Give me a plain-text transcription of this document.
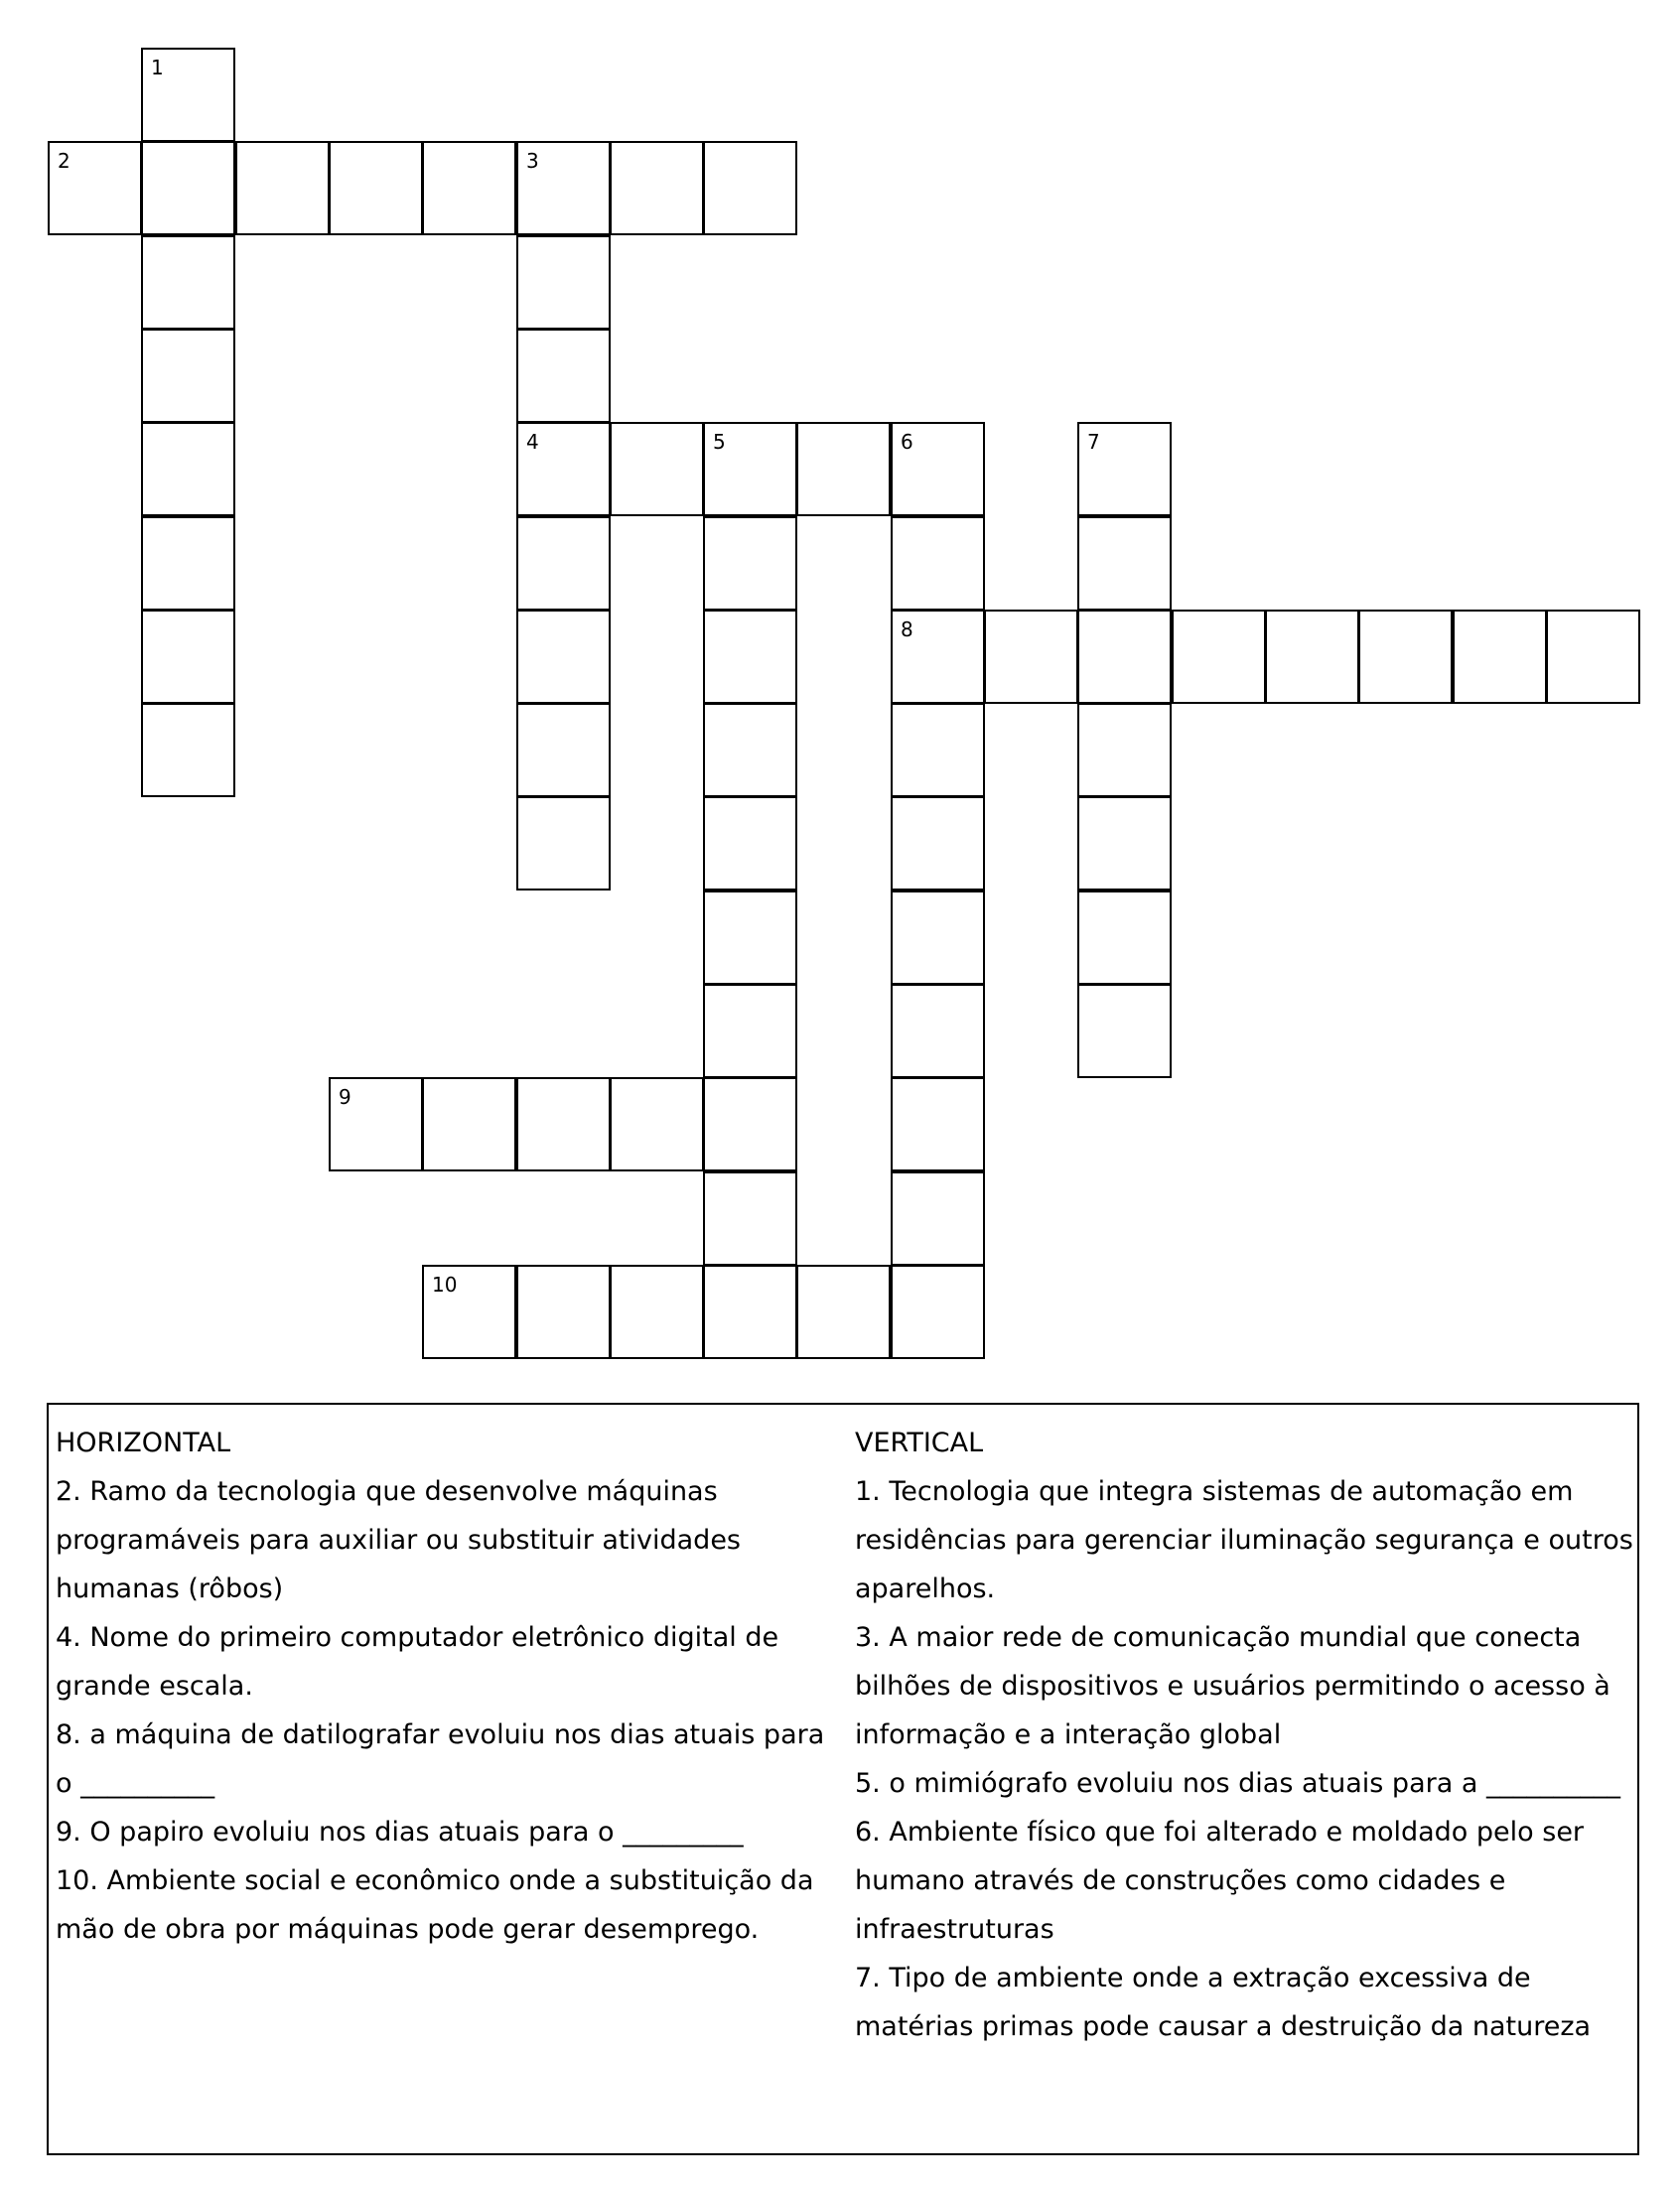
1
2	3
4	5	6
8
7
9
10
HORIZONTAL
2. Ramo da tecnologia que desenvolve máquinas programáveis para auxiliar ou substituir atividades humanas (rôbos)
4. Nome do primeiro computador eletrônico digital de grande escala.
8. a máquina de datilografar evoluiu nos dias atuais para o __________
9. O papiro evoluiu nos dias atuais para o _________
10. Ambiente social e econômico onde a substituição da mão de obra por máquinas pode gerar desemprego.
VERTICAL
1. Tecnologia que integra sistemas de automação em residências para gerenciar iluminação segurança e outros aparelhos.
3. A maior rede de comunicação mundial que conecta bilhões de dispositivos e usuários permitindo o acesso à informação e a interação global
5. o mimiógrafo evoluiu nos dias atuais para a __________
6. Ambiente físico que foi alterado e moldado pelo ser humano através de construções como cidades e infraestruturas
7. Tipo de ambiente onde a extração excessiva de matérias primas pode causar a destruição da natureza
